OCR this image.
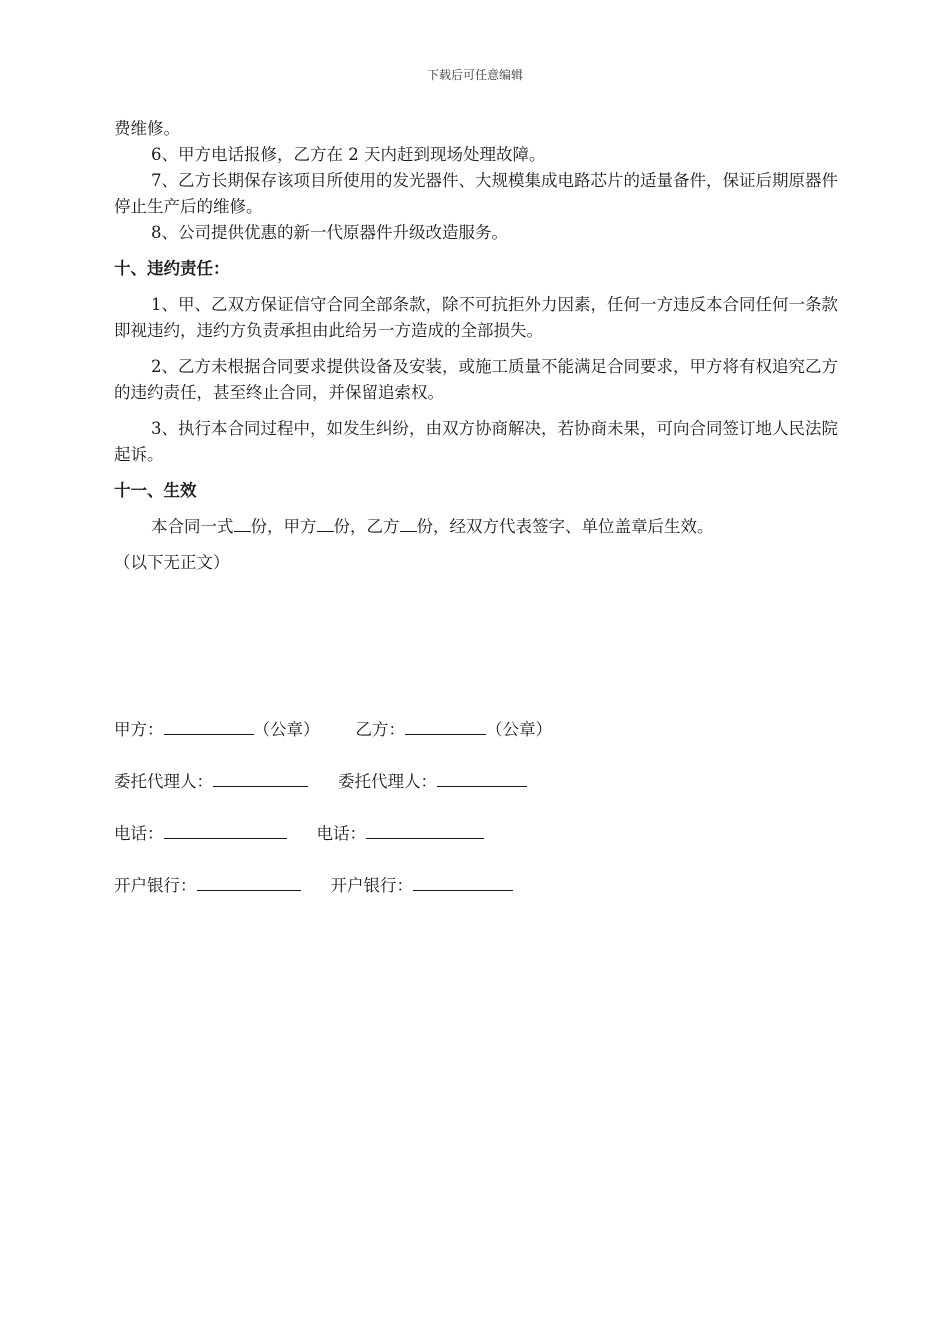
下载后可任意编辑
费维修。
6、甲方电话报修，乙方在 2 天内赶到现场处理故障。
7、乙方长期保存该项目所使用的发光器件、大规模集成电路芯片的适量备件，保证后期原器件停止生产后的维修。
8、公司提供优惠的新一代原器件升级改造服务。
十、违约责任：
1、甲、乙双方保证信守合同全部条款，除不可抗拒外力因素，任何一方违反本合同任何一条款即视违约，违约方负责承担由此给另一方造成的全部损失。
2、乙方未根据合同要求提供设备及安装，或施工质量不能满足合同要求，甲方将有权追究乙方的违约责任，甚至终止合同，并保留追索权。
3、执行本合同过程中，如发生纠纷，由双方协商解决，若协商未果，可向合同签订地人民法院起诉。
十一、生效
本合同一式 份，甲方 份，乙方 份，经双方代表签字、单位盖章后生效。
（以下无正文）
甲方：	（公章） 乙方：	（公章）
委托代理人：	委托代理人：
电话：	电话：
开户银行：	开户银行：
